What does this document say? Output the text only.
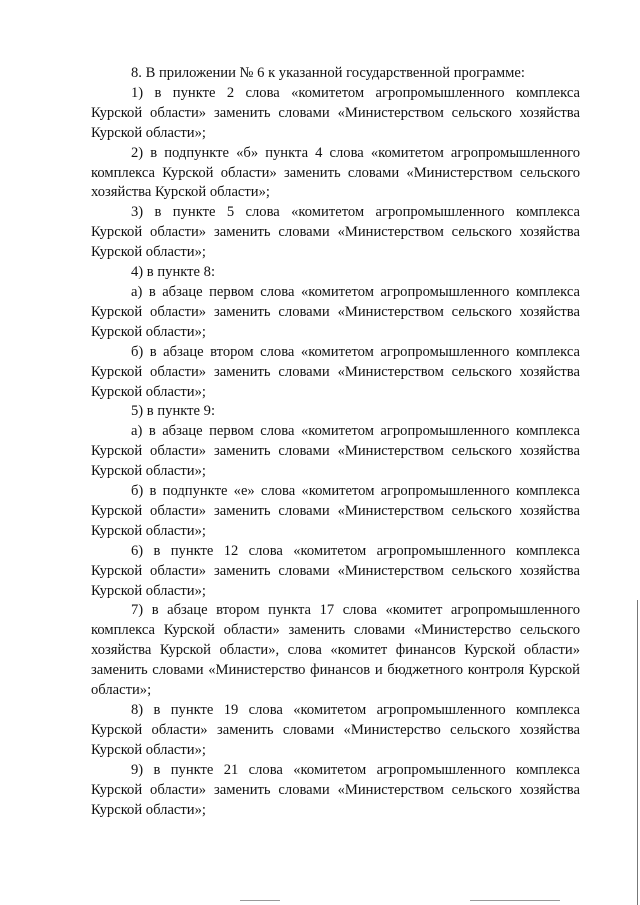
8. В приложении № 6 к указанной государственной программе:

1) в пункте 2 слова «комитетом агропромышленного комплекса Курской области» заменить словами «Министерством сельского хозяйства Курской области»;

2) в подпункте «б» пункта 4 слова «комитетом агропромышленного комплекса Курской области» заменить словами «Министерством сельского хозяйства Курской области»;

3) в пункте 5 слова «комитетом агропромышленного комплекса Курской области» заменить словами «Министерством сельского хозяйства Курской области»;

4) в пункте 8:

а) в абзаце первом слова «комитетом агропромышленного комплекса Курской области» заменить словами «Министерством сельского хозяйства Курской области»;

б) в абзаце втором слова «комитетом агропромышленного комплекса Курской области» заменить словами «Министерством сельского хозяйства Курской области»;

5) в пункте 9:

а) в абзаце первом слова «комитетом агропромышленного комплекса Курской области» заменить словами «Министерством сельского хозяйства Курской области»;

б) в подпункте «е» слова «комитетом агропромышленного комплекса Курской области» заменить словами «Министерством сельского хозяйства Курской области»;

6) в пункте 12 слова «комитетом агропромышленного комплекса Курской области» заменить словами «Министерством сельского хозяйства Курской области»;

7) в абзаце втором пункта 17 слова «комитет агропромышленного комплекса Курской области» заменить словами «Министерство сельского хозяйства Курской области», слова «комитет финансов Курской области» заменить словами «Министерство финансов и бюджетного контроля Курской области»;

8) в пункте 19 слова «комитетом агропромышленного комплекса Курской области» заменить словами «Министерство сельского хозяйства Курской области»;

9) в пункте 21 слова «комитетом агропромышленного комплекса Курской области» заменить словами «Министерством сельского хозяйства Курской области»;
